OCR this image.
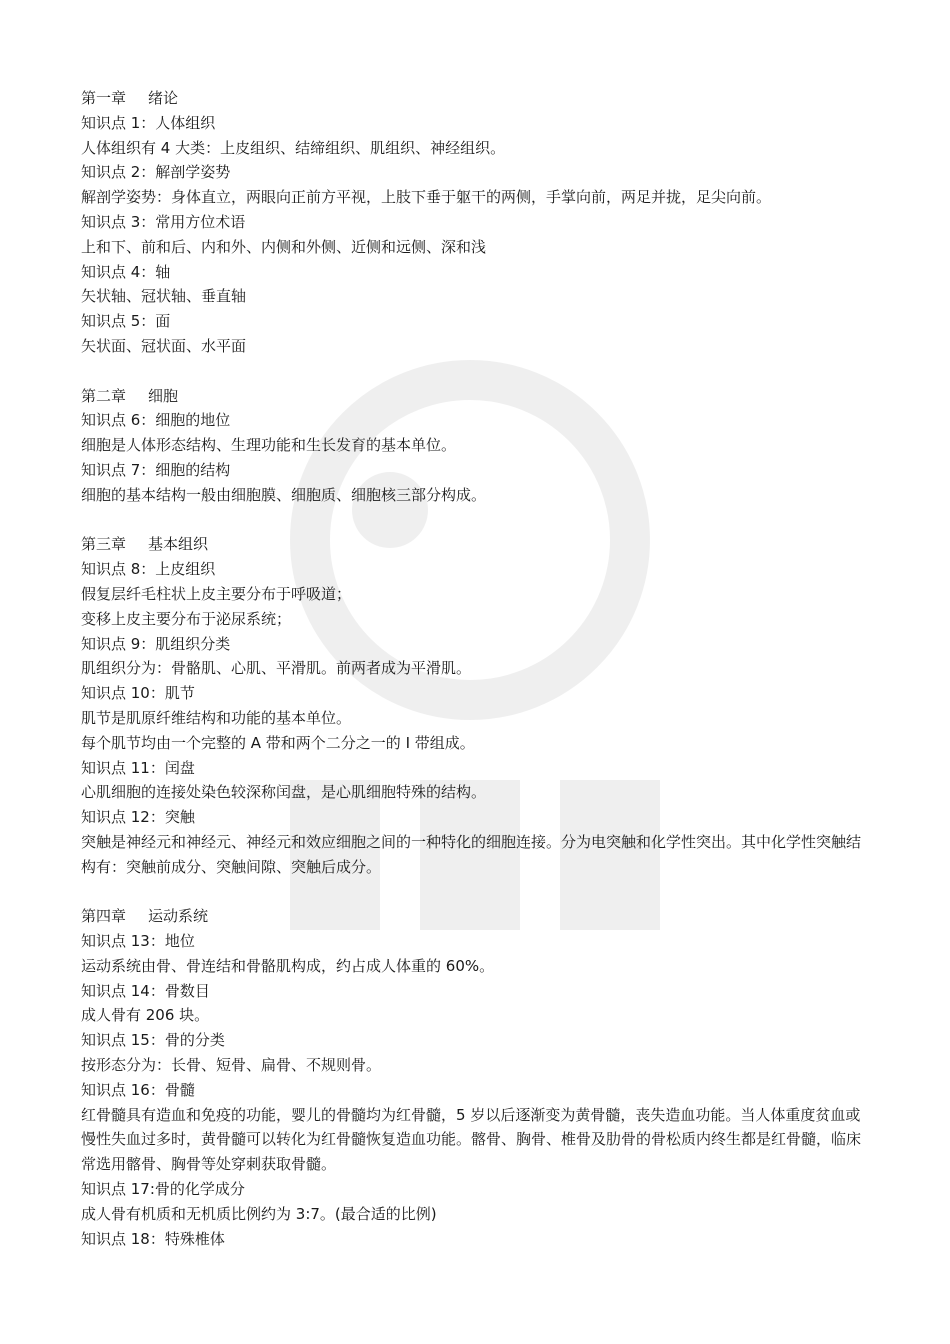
第一章 绪论
知识点 1：人体组织
人体组织有 4 大类：上皮组织、结缔组织、肌组织、神经组织。
知识点 2：解剖学姿势
解剖学姿势：身体直立，两眼向正前方平视，上肢下垂于躯干的两侧，手掌向前，两足并拢，足尖向前。
知识点 3：常用方位术语
上和下、前和后、内和外、内侧和外侧、近侧和远侧、深和浅
知识点 4：轴
矢状轴、冠状轴、垂直轴
知识点 5：面
矢状面、冠状面、水平面
第二章 细胞
知识点 6：细胞的地位
细胞是人体形态结构、生理功能和生长发育的基本单位。
知识点 7：细胞的结构
细胞的基本结构一般由细胞膜、细胞质、细胞核三部分构成。
第三章 基本组织
知识点 8：上皮组织
假复层纤毛柱状上皮主要分布于呼吸道；
变移上皮主要分布于泌尿系统；
知识点 9：肌组织分类
肌组织分为：骨骼肌、心肌、平滑肌。前两者成为平滑肌。
知识点 10：肌节
肌节是肌原纤维结构和功能的基本单位。
每个肌节均由一个完整的 A 带和两个二分之一的 I 带组成。
知识点 11：闰盘
心肌细胞的连接处染色较深称闰盘，是心肌细胞特殊的结构。
知识点 12：突触
突触是神经元和神经元、神经元和效应细胞之间的一种特化的细胞连接。分为电突触和化学性突出。其中化学性突触结构有：突触前成分、突触间隙、突触后成分。
第四章 运动系统
知识点 13：地位
运动系统由骨、骨连结和骨骼肌构成，约占成人体重的 60%。
知识点 14：骨数目
成人骨有 206 块。
知识点 15：骨的分类
按形态分为：长骨、短骨、扁骨、不规则骨。
知识点 16：骨髓
红骨髓具有造血和免疫的功能，婴儿的骨髓均为红骨髓，5 岁以后逐渐变为黄骨髓，丧失造血功能。当人体重度贫血或慢性失血过多时，黄骨髓可以转化为红骨髓恢复造血功能。髂骨、胸骨、椎骨及肋骨的骨松质内终生都是红骨髓，临床常选用髂骨、胸骨等处穿刺获取骨髓。
知识点 17:骨的化学成分
成人骨有机质和无机质比例约为 3:7。(最合适的比例)
知识点 18：特殊椎体
